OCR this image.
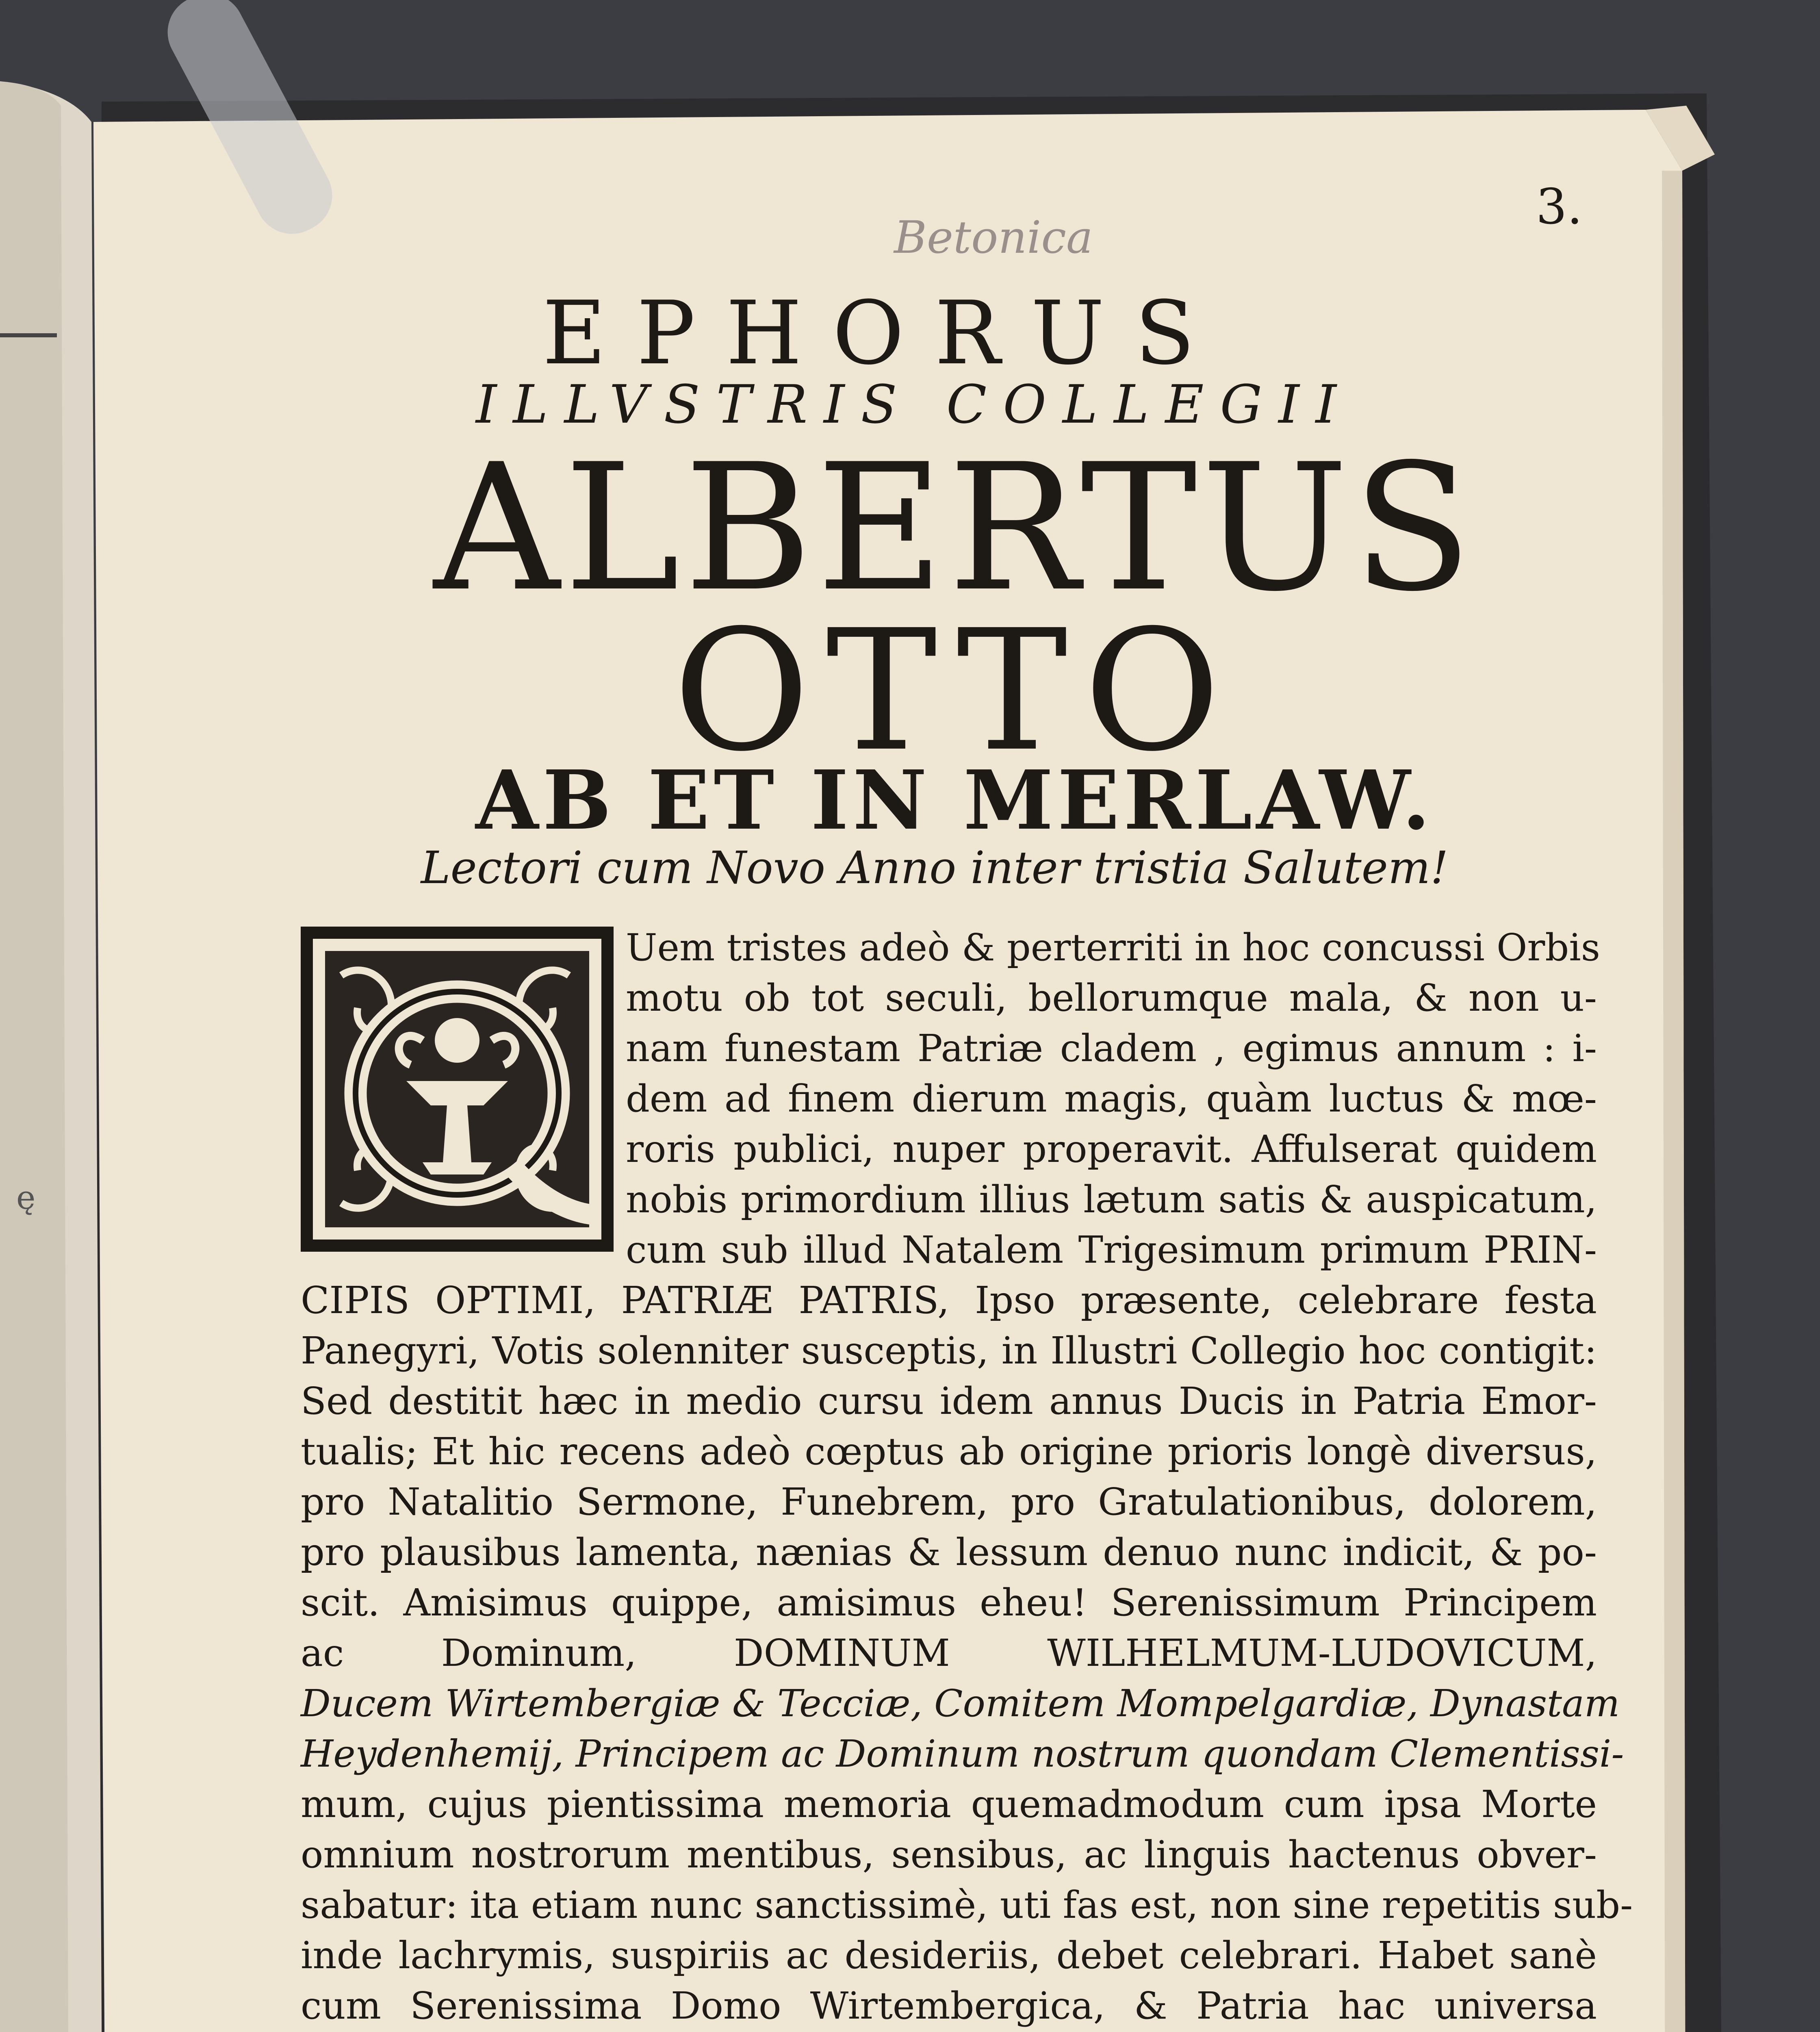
Betonica
3.
EPHORUS
ILLVSTRIS COLLEGII
ALBERTUS
OTTO
AB ET IN MERLAW.
Lectori cum Novo Anno inter tristia Salutem!
Uem tristes adeò & perterriti in hoc concussi Orbis
motu ob tot seculi, bellorumque mala, & non u-
nam funestam Patriæ cladem , egimus annum : i-
dem ad finem dierum magis, quàm luctus & mœ-
roris publici, nuper properavit. Affulserat quidem
nobis primordium illius lætum satis & auspicatum,
cum sub illud Natalem Trigesimum primum PRIN-
CIPIS OPTIMI, PATRIÆ PATRIS, Ipso præsente, celebrare festa
Panegyri, Votis solenniter susceptis, in Illustri Collegio hoc contigit:
Sed destitit hæc in medio cursu idem annus Ducis in Patria Emor-
tualis; Et hic recens adeò cœptus ab origine prioris longè diversus,
pro Natalitio Sermone, Funebrem, pro Gratulationibus, dolorem,
pro plausibus lamenta, nænias & lessum denuo nunc indicit, & po-
scit. Amisimus quippe, amisimus eheu! Serenissimum Principem
ac Dominum, DOMINUM WILHELMUM-LUDOVICUM,
Ducem Wirtembergiæ & Tecciæ, Comitem Mompelgardiæ, Dynastam
Heydenhemij, Principem ac Dominum nostrum quondam Clementissi-
mum, cujus pientissima memoria quemadmodum cum ipsa Morte
omnium nostrorum mentibus, sensibus, ac linguis hactenus obver-
sabatur: ita etiam nunc sanctissimè, uti fas est, non sine repetitis sub-
inde lachrymis, suspiriis ac desideriis, debet celebrari. Habet sanè
cum Serenissima Domo Wirtembergica, & Patria hac universa
ę
